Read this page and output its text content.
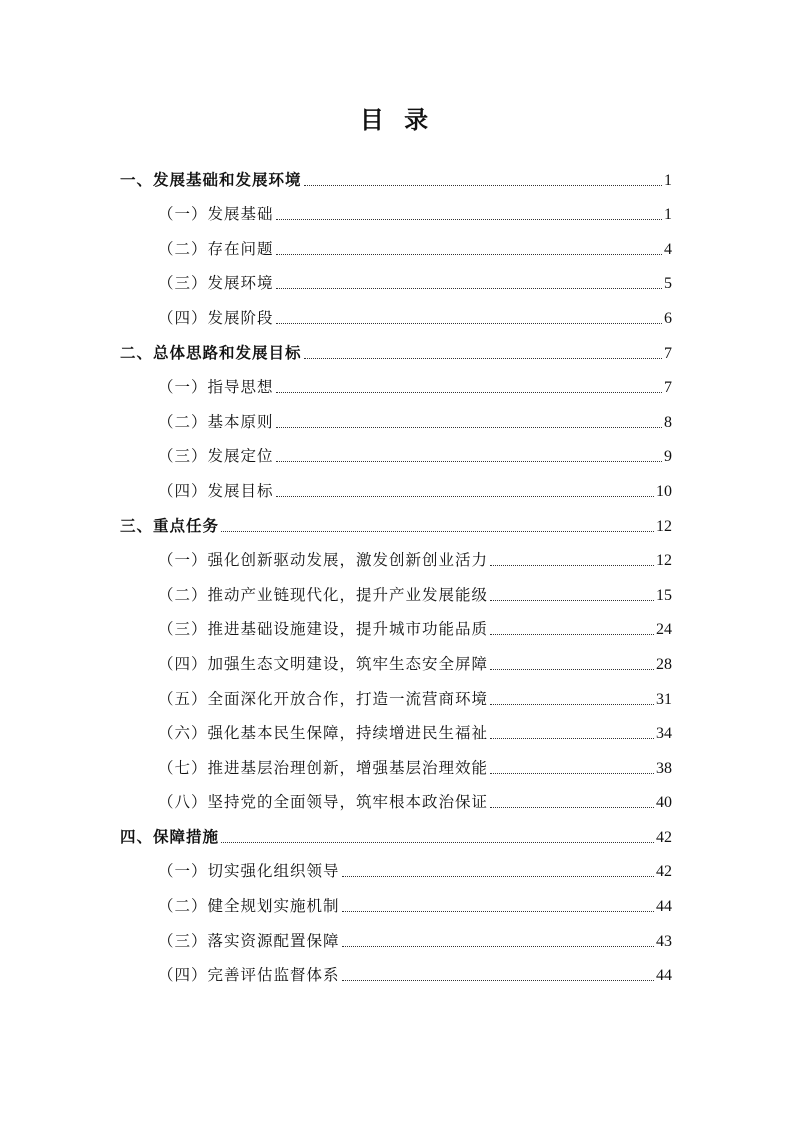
目 录
一、发展基础和发展环境	1
（一）发展基础	1
（二）存在问题	4
（三）发展环境	5
（四）发展阶段	6
二、总体思路和发展目标	7
（一）指导思想	7
（二）基本原则	8
（三）发展定位	9
（四）发展目标	10
三、重点任务	12
（一）强化创新驱动发展，激发创新创业活力	12
（二）推动产业链现代化，提升产业发展能级	15
（三）推进基础设施建设，提升城市功能品质	24
（四）加强生态文明建设，筑牢生态安全屏障	28
（五）全面深化开放合作，打造一流营商环境	31
（六）强化基本民生保障，持续增进民生福祉	34
（七）推进基层治理创新，增强基层治理效能	38
（八）坚持党的全面领导，筑牢根本政治保证	40
四、保障措施	42
（一）切实强化组织领导	42
（二）健全规划实施机制	44
（三）落实资源配置保障	43
（四）完善评估监督体系	44
